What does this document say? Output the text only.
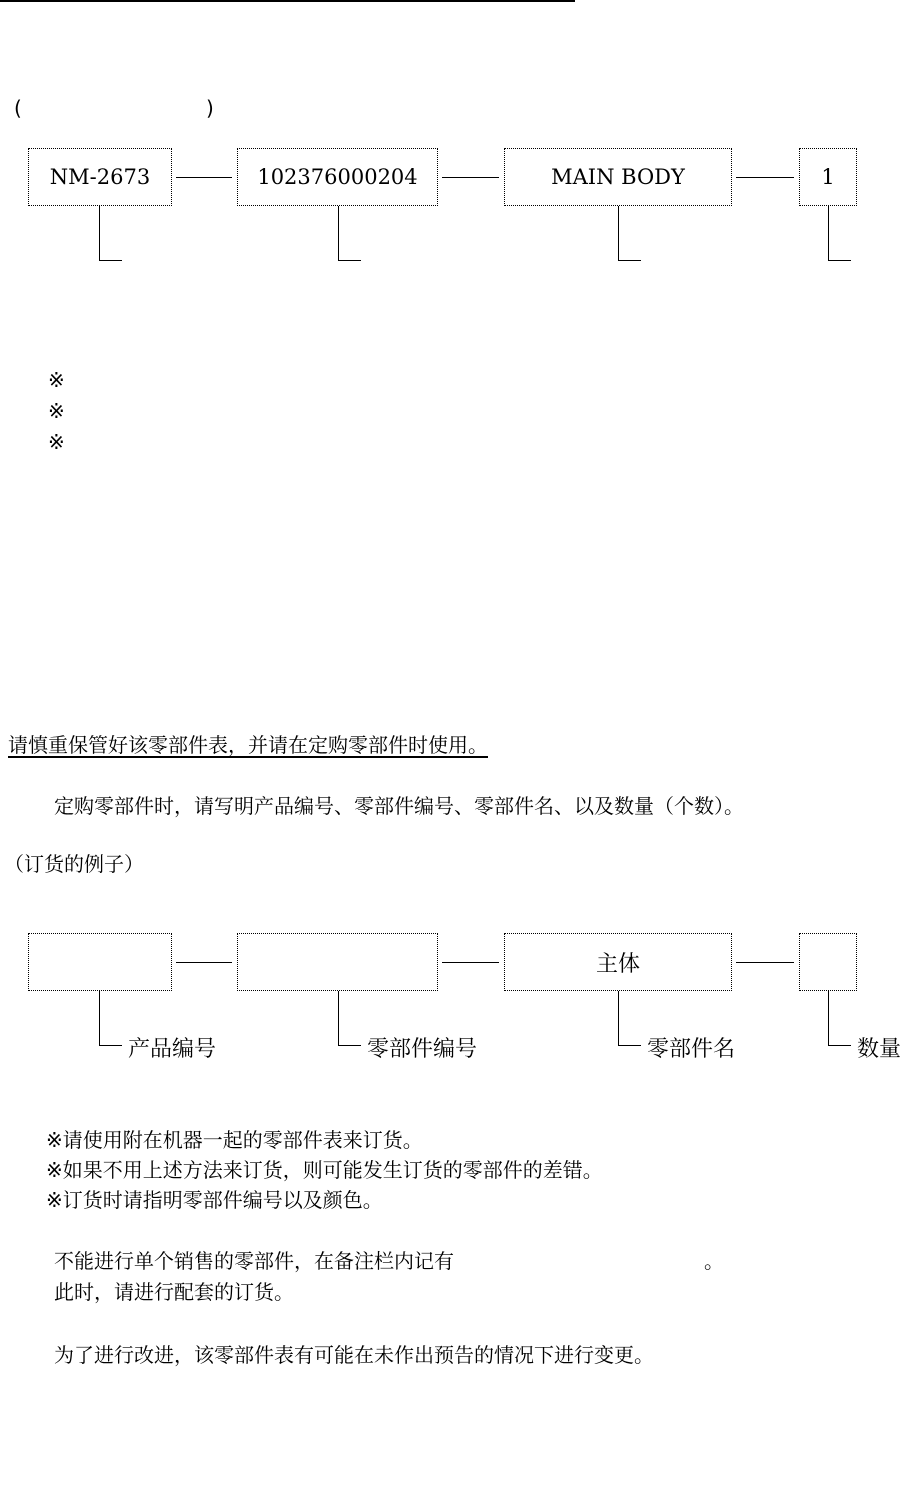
(	)
NM-2673	102376000204	MAIN BODY	1
※
※
※
请慎重保管好该零部件表，并请在定购零部件时使用。
定购零部件时，请写明产品编号、零部件编号、零部件名、以及数量（个数）。
（订货的例子）
主体
产品编号	零部件编号	零部件名	数量
※请使用附在机器一起的零部件表来订货。
※如果不用上述方法来订货，则可能发生订货的零部件的差错。
※订货时请指明零部件编号以及颜色。
不能进行单个销售的零部件，在备注栏内记有	。
此时，请进行配套的订货。
为了进行改进，该零部件表有可能在未作出预告的情况下进行变更。
